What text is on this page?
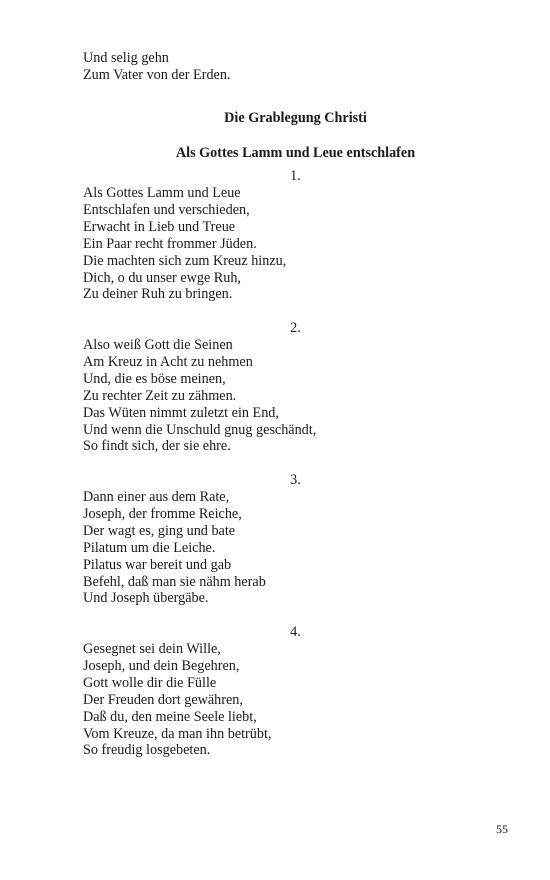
Und selig gehn
Zum Vater von der Erden.
Die Grablegung Christi
Als Gottes Lamm und Leue entschlafen
1.
Als Gottes Lamm und Leue
Entschlafen und verschieden,
Erwacht in Lieb und Treue
Ein Paar recht frommer Jüden.
Die machten sich zum Kreuz hinzu,
Dich, o du unser ewge Ruh,
Zu deiner Ruh zu bringen.
2.
Also weiß Gott die Seinen
Am Kreuz in Acht zu nehmen
Und, die es böse meinen,
Zu rechter Zeit zu zähmen.
Das Wüten nimmt zuletzt ein End,
Und wenn die Unschuld gnug geschändt,
So findt sich, der sie ehre.
3.
Dann einer aus dem Rate,
Joseph, der fromme Reiche,
Der wagt es, ging und bate
Pilatum um die Leiche.
Pilatus war bereit und gab
Befehl, daß man sie nähm herab
Und Joseph übergäbe.
4.
Gesegnet sei dein Wille,
Joseph, und dein Begehren,
Gott wolle dir die Fülle
Der Freuden dort gewähren,
Daß du, den meine Seele liebt,
Vom Kreuze, da man ihn betrübt,
So freudig losgebeten.
55
